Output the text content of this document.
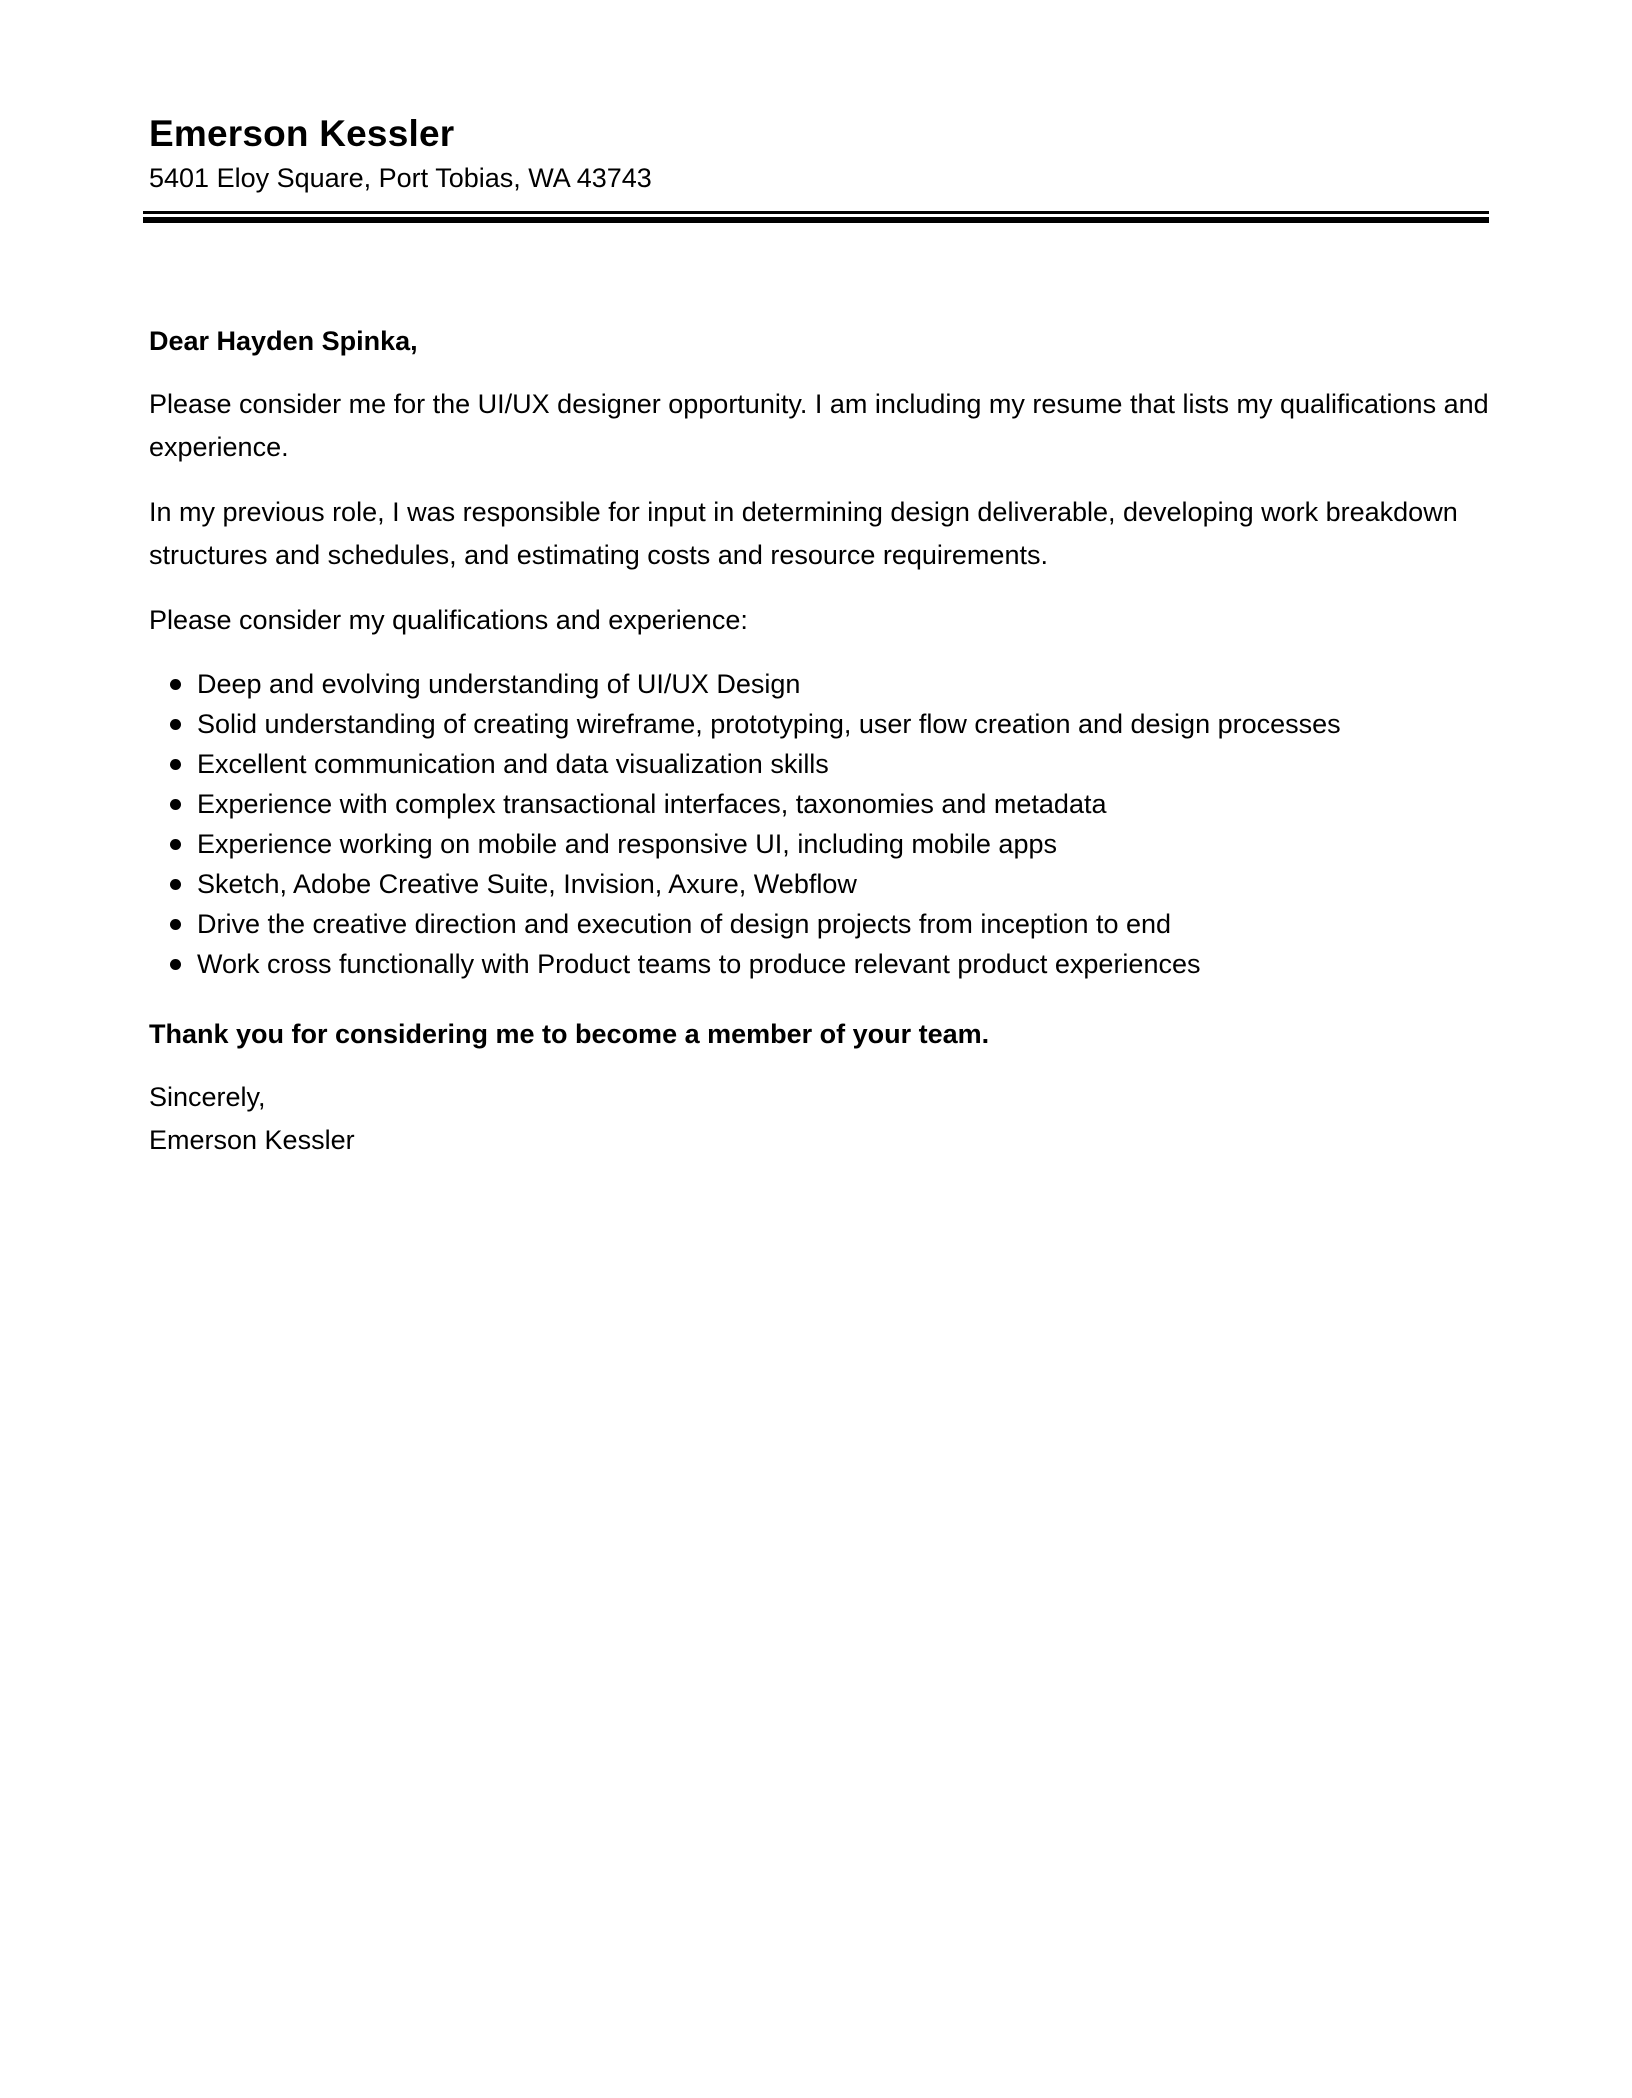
Emerson Kessler
5401 Eloy Square, Port Tobias, WA 43743

Dear Hayden Spinka,

Please consider me for the UI/UX designer opportunity. I am including my resume that lists my qualifications and experience.

In my previous role, I was responsible for input in determining design deliverable, developing work breakdown structures and schedules, and estimating costs and resource requirements.

Please consider my qualifications and experience:

Deep and evolving understanding of UI/UX Design
Solid understanding of creating wireframe, prototyping, user flow creation and design processes
Excellent communication and data visualization skills
Experience with complex transactional interfaces, taxonomies and metadata
Experience working on mobile and responsive UI, including mobile apps
Sketch, Adobe Creative Suite, Invision, Axure, Webflow
Drive the creative direction and execution of design projects from inception to end
Work cross functionally with Product teams to produce relevant product experiences

Thank you for considering me to become a member of your team.

Sincerely,

Emerson Kessler
